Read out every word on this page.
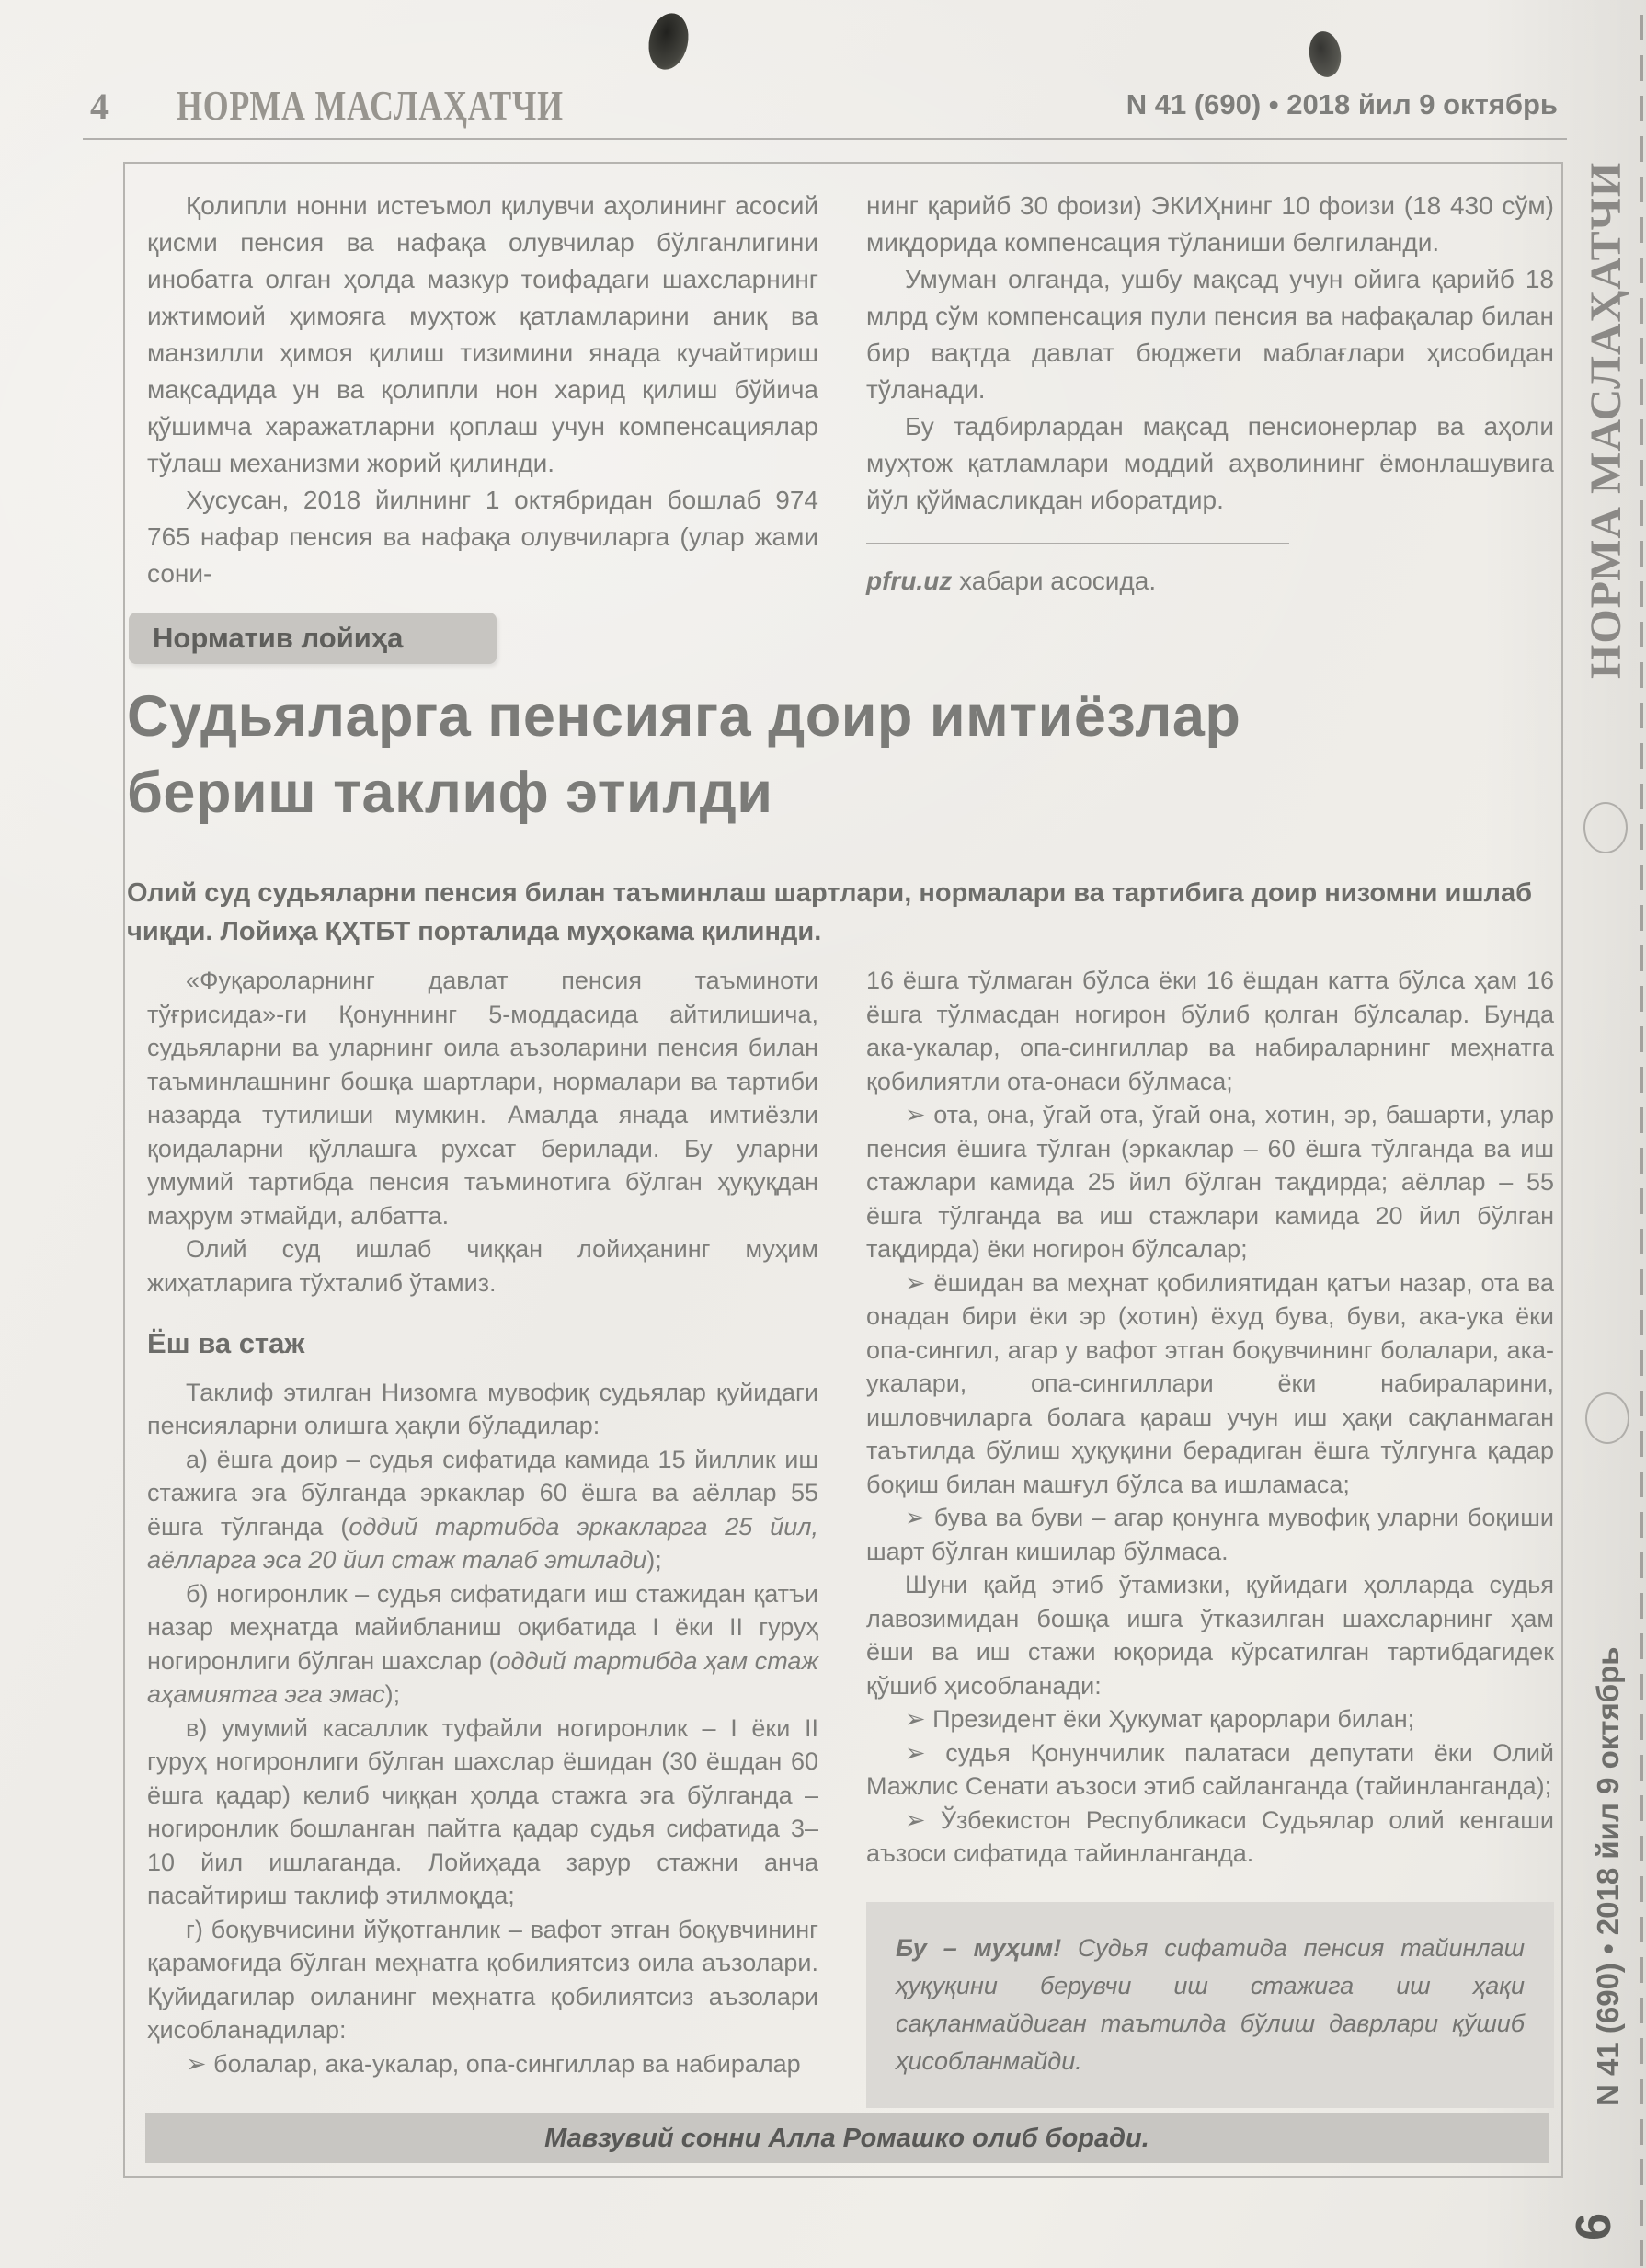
4 НОРМА МАСЛАҲАТЧИ	N 41 (690) • 2018 йил 9 октябрь

Қолипли нонни истеъмол қилувчи аҳолининг асосий қисми пенсия ва нафақа олувчилар бўлганлигини инобатга олган ҳолда мазкур тоифадаги шахсларнинг ижтимоий ҳимояга муҳтож қатламларини аниқ ва манзилли ҳимоя қилиш тизимини янада кучайтириш мақсадида ун ва қолипли нон харид қилиш бўйича қўшимча харажатларни қоплаш учун компенсациялар тўлаш механизми жорий қилинди.

Хусусан, 2018 йилнинг 1 октябридан бошлаб 974 765 нафар пенсия ва нафақа олувчиларга (улар жами сони-

нинг қарийб 30 фоизи) ЭКИҲнинг 10 фоизи (18 430 сўм) миқдорида компенсация тўланиши белгиланди.

Умуман олганда, ушбу мақсад учун ойига қарийб 18 млрд сўм компенсация пули пенсия ва нафақалар билан бир вақтда давлат бюджети маблағлари ҳисобидан тўланади.

Бу тадбирлардан мақсад пенсионерлар ва аҳоли муҳтож қатламлари моддий аҳволининг ёмонлашувига йўл қўймасликдан иборатдир.

pfru.uz хабари асосида.

Норматив лойиҳа
Судьяларга пенсияга доир имтиёзлар
бериш таклиф этилди
Олий суд судьяларни пенсия билан таъминлаш шартлари, нормалари ва тартибига доир низомни ишлаб чиқди. Лойиҳа ҚҲТБТ порталида муҳокама қилинди.

«Фуқароларнинг давлат пенсия таъминоти тўғрисида»-ги Қонуннинг 5-моддасида айтилишича, судьяларни ва уларнинг оила аъзоларини пенсия билан таъминлашнинг бошқа шартлари, нормалари ва тартиби назарда тутилиши мумкин. Амалда янада имтиёзли қоидаларни қўллашга рухсат берилади. Бу уларни умумий тартибда пенсия таъминотига бўлган ҳуқуқдан маҳрум этмайди, албатта.

Олий суд ишлаб чиққан лойиҳанинг муҳим жиҳатларига тўхталиб ўтамиз.

Ёш ва стаж

Таклиф этилган Низомга мувофиқ судьялар қуйидаги пенсияларни олишга ҳақли бўладилар:

а) ёшга доир – судья сифатида камида 15 йиллик иш стажига эга бўлганда эркаклар 60 ёшга ва аёллар 55 ёшга тўлганда (оддий тартибда эркакларга 25 йил, аёлларга эса 20 йил стаж талаб этилади);

б) ногиронлик – судья сифатидаги иш стажидан қатъи назар меҳнатда майибланиш оқибатида I ёки II гуруҳ ногиронлиги бўлган шахслар (оддий тартибда ҳам стаж аҳамиятга эга эмас);

в) умумий касаллик туфайли ногиронлик – I ёки II гуруҳ ногиронлиги бўлган шахслар ёшидан (30 ёшдан 60 ёшга қадар) келиб чиққан ҳолда стажга эга бўлганда – ногиронлик бошланган пайтга қадар судья сифатида 3–10 йил ишлаганда. Лойиҳада зарур стажни анча пасайтириш таклиф этилмоқда;

г) боқувчисини йўқотганлик – вафот этган боқувчининг қарамоғида бўлган меҳнатга қобилиятсиз оила аъзолари. Қуйидагилар оиланинг меҳнатга қобилиятсиз аъзолари ҳисобланадилар:

➢ болалар, ака-укалар, опа-сингиллар ва набиралар

16 ёшга тўлмаган бўлса ёки 16 ёшдан катта бўлса ҳам 16 ёшга тўлмасдан ногирон бўлиб қолган бўлсалар. Бунда ака-укалар, опа-сингиллар ва набираларнинг меҳнатга қобилиятли ота-онаси бўлмаса;

➢ ота, она, ўгай ота, ўгай она, хотин, эр, башарти, улар пенсия ёшига тўлган (эркаклар – 60 ёшга тўлганда ва иш стажлари камида 25 йил бўлган тақдирда; аёллар – 55 ёшга тўлганда ва иш стажлари камида 20 йил бўлган тақдирда) ёки ногирон бўлсалар;

➢ ёшидан ва меҳнат қобилиятидан қатъи назар, ота ва онадан бири ёки эр (хотин) ёхуд бува, буви, ака-ука ёки опа-сингил, агар у вафот этган боқувчининг болалари, ака-укалари, опа-сингиллари ёки набираларини, ишловчиларга болага қараш учун иш ҳақи сақланмаган таътилда бўлиш ҳуқуқини берадиган ёшга тўлгунга қадар боқиш билан машғул бўлса ва ишламаса;

➢ бува ва буви – агар қонунга мувофиқ уларни боқиши шарт бўлган кишилар бўлмаса.

Шуни қайд этиб ўтамизки, қуйидаги ҳолларда судья лавозимидан бошқа ишга ўтказилган шахсларнинг ҳам ёши ва иш стажи юқорида кўрсатилган тартибдагидек қўшиб ҳисобланади:

➢ Президент ёки Ҳукумат қарорлари билан;

➢ судья Қонунчилик палатаси депутати ёки Олий Мажлис Сенати аъзоси этиб сайланганда (тайинланганда);

➢ Ўзбекистон Республикаси Судьялар олий кенгаши аъзоси сифатида тайинланганда.

Бу – муҳим! Судья сифатида пенсия тайинлаш ҳуқуқини берувчи иш стажига иш ҳақи сақланмайдиган таътилда бўлиш даврлари қўшиб ҳисобланмайди.

Мавзувий сонни Алла Ромашко олиб боради.
НОРМА МАСЛАҲАТЧИ
N 41 (690) • 2018 йил 9 октябрь
6
